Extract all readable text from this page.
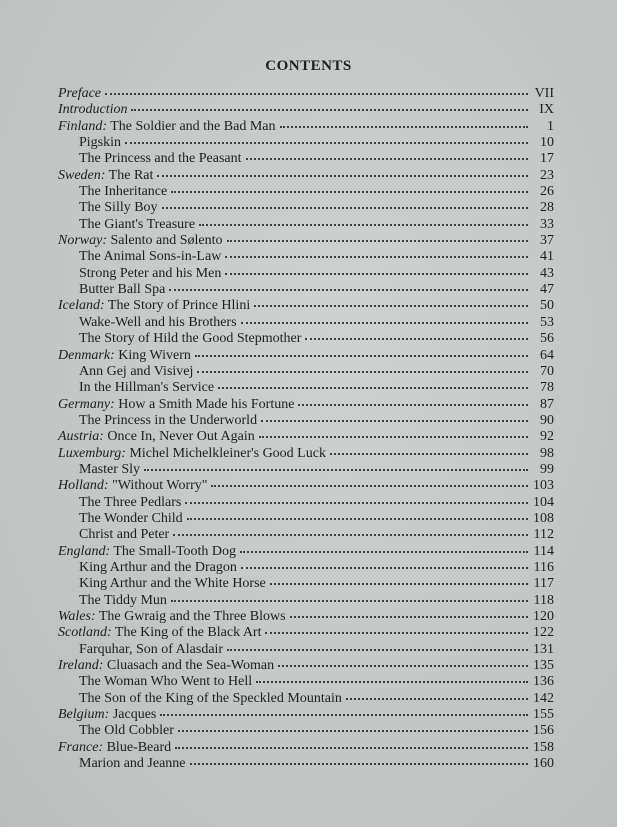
CONTENTS
Preface	VII
Introduction	IX
Finland: The Soldier and the Bad Man	1
Pigskin	10
The Princess and the Peasant	17
Sweden: The Rat	23
The Inheritance	26
The Silly Boy	28
The Giant's Treasure	33
Norway: Salento and Sølento	37
The Animal Sons-in-Law	41
Strong Peter and his Men	43
Butter Ball Spa	47
Iceland: The Story of Prince Hlini	50
Wake-Well and his Brothers	53
The Story of Hild the Good Stepmother	56
Denmark: King Wivern	64
Ann Gej and Visivej	70
In the Hillman's Service	78
Germany: How a Smith Made his Fortune	87
The Princess in the Underworld	90
Austria: Once In, Never Out Again	92
Luxemburg: Michel Michelkleiner's Good Luck	98
Master Sly	99
Holland: "Without Worry"	103
The Three Pedlars	104
The Wonder Child	108
Christ and Peter	112
England: The Small-Tooth Dog	114
King Arthur and the Dragon	116
King Arthur and the White Horse	117
The Tiddy Mun	118
Wales: The Gwraig and the Three Blows	120
Scotland: The King of the Black Art	122
Farquhar, Son of Alasdair	131
Ireland: Cluasach and the Sea-Woman	135
The Woman Who Went to Hell	136
The Son of the King of the Speckled Mountain	142
Belgium: Jacques	155
The Old Cobbler	156
France: Blue-Beard	158
Marion and Jeanne	160
